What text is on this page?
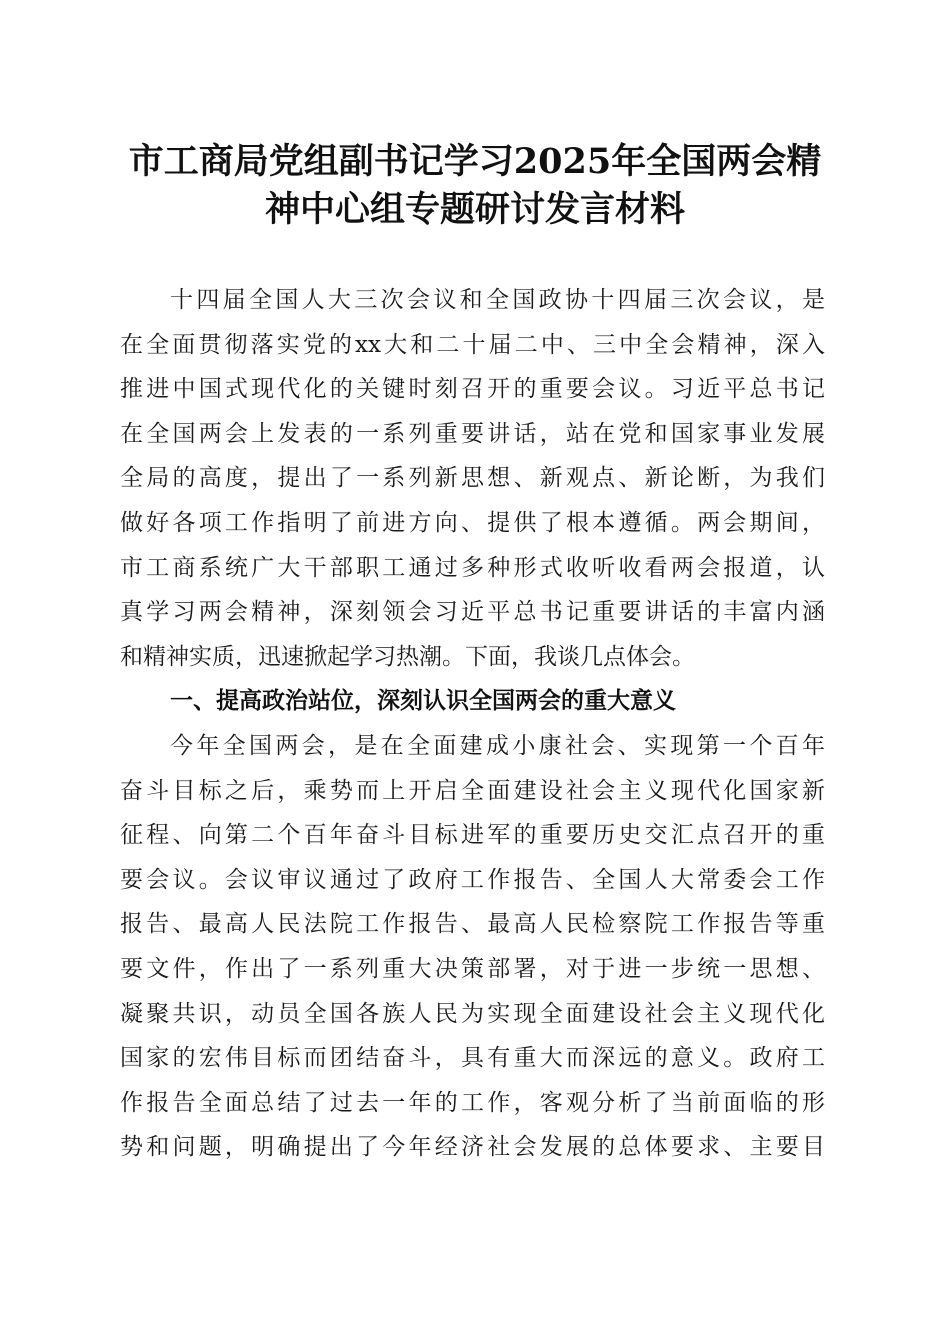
市工商局党组副书记学习2025年全国两会精
神中心组专题研讨发言材料
十四届全国人大三次会议和全国政协十四届三次会议，是
在全面贯彻落实党的xx大和二十届二中、三中全会精神，深入
推进中国式现代化的关键时刻召开的重要会议。习近平总书记
在全国两会上发表的一系列重要讲话，站在党和国家事业发展
全局的高度，提出了一系列新思想、新观点、新论断，为我们
做好各项工作指明了前进方向、提供了根本遵循。两会期间，
市工商系统广大干部职工通过多种形式收听收看两会报道，认
真学习两会精神，深刻领会习近平总书记重要讲话的丰富内涵
和精神实质，迅速掀起学习热潮。下面，我谈几点体会。
一、提高政治站位，深刻认识全国两会的重大意义
今年全国两会，是在全面建成小康社会、实现第一个百年
奋斗目标之后，乘势而上开启全面建设社会主义现代化国家新
征程、向第二个百年奋斗目标进军的重要历史交汇点召开的重
要会议。会议审议通过了政府工作报告、全国人大常委会工作
报告、最高人民法院工作报告、最高人民检察院工作报告等重
要文件，作出了一系列重大决策部署，对于进一步统一思想、
凝聚共识，动员全国各族人民为实现全面建设社会主义现代化
国家的宏伟目标而团结奋斗，具有重大而深远的意义。政府工
作报告全面总结了过去一年的工作，客观分析了当前面临的形
势和问题，明确提出了今年经济社会发展的总体要求、主要目
